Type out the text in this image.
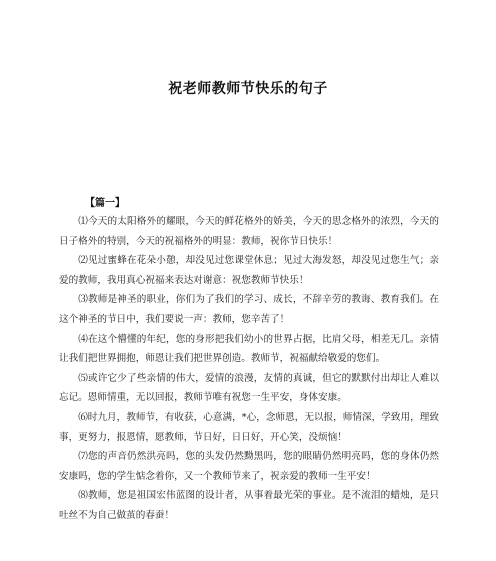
祝老师教师节快乐的句子
【篇一】

⑴今天的太阳格外的耀眼，今天的鲜花格外的娇美，今天的思念格外的浓烈，今天的日子格外的特别，今天的祝福格外的明显：教师，祝你节日快乐！

⑵见过蜜蜂在花朵小憩，却没见过您课堂休息；见过大海发怒，却没见过您生气；亲爱的教师，我用真心祝福来表达对谢意：祝您教师节快乐！

⑶教师是神圣的职业，你们为了我们的学习、成长，不辞辛劳的教诲、教育我们。在这个神圣的节日中，我们要说一声：教师，您辛苦了！

⑷在这个懵懂的年纪，您的身形把我们幼小的世界占据，比肩父母，相差无几。亲情让我们把世界拥抱，师恩让我们把世界创造。教师节，祝福献给敬爱的您们。

⑸或许它少了些亲情的伟大，爱情的浪漫，友情的真诚，但它的默默付出却让人难以忘记。恩师情重，无以回报，教师节唯有祝您一生平安，身体安康。

⑹时九月，教师节，有收获，心意满，*心，念师恩，无以报，师情深，学致用，理致事，更努力，报恩情，愿教师，节日好，日日好，开心笑，没烦恼！

⑺您的声音仍然洪亮吗，您的头发仍然黝黑吗，您的眼睛仍然明亮吗，您的身体仍然安康吗，您的学生惦念着你，又一个教师节来了，祝亲爱的教师一生平安！

⑻教师，您是祖国宏伟蓝图的设计者，从事着最光荣的事业。是不流泪的蜡烛，是只吐丝不为自己做茧的春蚕！
